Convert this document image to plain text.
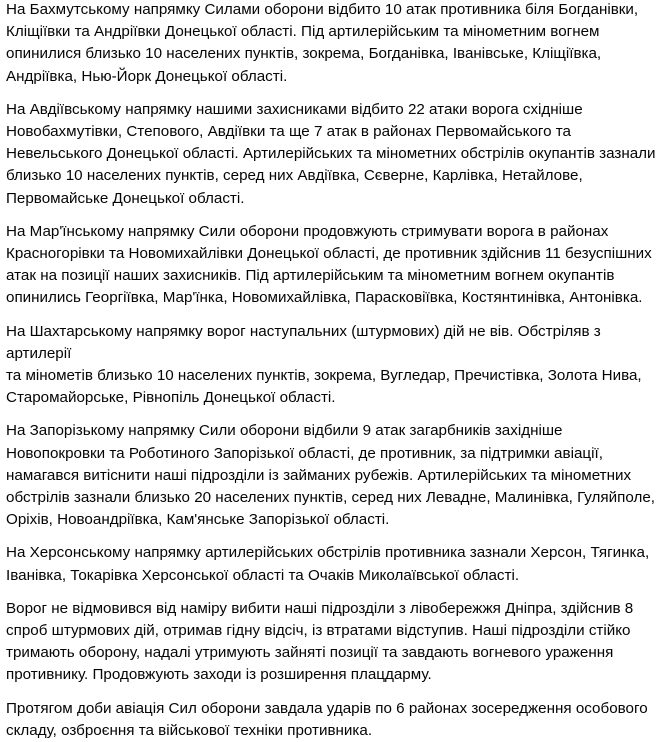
На Бахмутському напрямку Силами оборони відбито 10 атак противника біля Богданівки,
Кліщіївки та Андріївки Донецької області. Під артилерійським та мінометним вогнем
опинилися близько 10 населених пунктів, зокрема, Богданівка, Іванівське, Кліщіївка,
Андріївка, Нью-Йорк Донецької області.

На Авдіївському напрямку нашими захисниками відбито 22 атаки ворога східніше
Новобахмутівки, Степового, Авдіївки та ще 7 атак в районах Первомайського та
Невельського Донецької області. Артилерійських та мінометних обстрілів окупантів зазнали
близько 10 населених пунктів, серед них Авдіївка, Сєверне, Карлівка, Нетайлове,
Первомайське Донецької області.

На Мар'їнському напрямку Сили оборони продовжують стримувати ворога в районах
Красногорівки та Новомихайлівки Донецької області, де противник здійснив 11 безуспішних
атак на позиції наших захисників. Під артилерійським та мінометним вогнем окупантів
опинились Георгіївка, Мар'їнка, Новомихайлівка, Парасковіївка, Костянтинівка, Антонівка.

На Шахтарському напрямку ворог наступальних (штурмових) дій не вів. Обстріляв з артилерії
та мінометів близько 10 населених пунктів, зокрема, Вугледар, Пречистівка, Золота Нива,
Старомайорське, Рівнопіль Донецької області.

На Запорізькому напрямку Сили оборони відбили 9 атак загарбників західніше
Новопокровки та Роботиного Запорізької області, де противник, за підтримки авіації,
намагався витіснити наші підрозділи із займаних рубежів. Артилерійських та мінометних
обстрілів зазнали близько 20 населених пунктів, серед них Левадне, Малинівка, Гуляйполе,
Оріхів, Новоандріївка, Кам'янське Запорізької області.

На Херсонському напрямку артилерійських обстрілів противника зазнали Херсон, Тягинка,
Іванівка, Токарівка Херсонської області та Очаків Миколаївської області.

Ворог не відмовився від наміру вибити наші підрозділи з лівобережжя Дніпра, здійснив 8
спроб штурмових дій, отримав гідну відсіч, із втратами відступив. Наші підрозділи стійко
тримають оборону, надалі утримують зайняті позиції та завдають вогневого ураження
противнику. Продовжують заходи із розширення плацдарму.

Протягом доби авіація Сил оборони завдала ударів по 6 районах зосередження особового
складу, озброєння та військової техніки противника.
